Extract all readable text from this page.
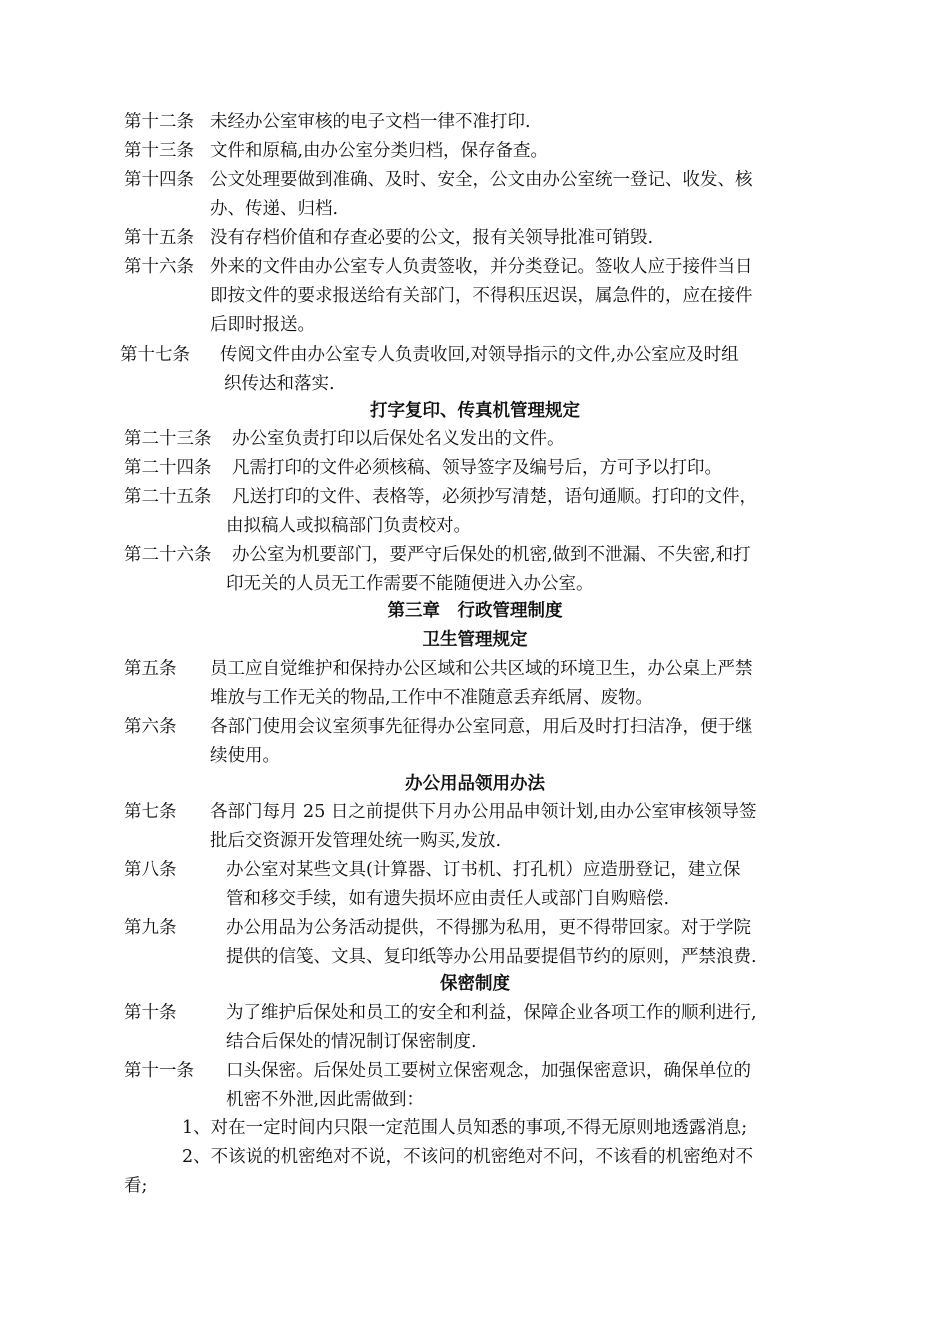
第十二条 未经办公室审核的电子文档一律不准打印.
第十三条 文件和原稿,由办公室分类归档，保存备查。
第十四条 公文处理要做到准确、及时、安全，公文由办公室统一登记、收发、核
办、传递、归档.
第十五条 没有存档价值和存查必要的公文，报有关领导批准可销毁.
第十六条 外来的文件由办公室专人负责签收，并分类登记。签收人应于接件当日
即按文件的要求报送给有关部门，不得积压迟误，属急件的，应在接件
后即时报送。
第十七条 传阅文件由办公室专人负责收回,对领导指示的文件,办公室应及时组
织传达和落实.
打字复印、传真机管理规定
第二十三条 办公室负责打印以后保处名义发出的文件。
第二十四条 凡需打印的文件必须核稿、领导签字及编号后，方可予以打印。
第二十五条 凡送打印的文件、表格等，必须抄写清楚，语句通顺。打印的文件，
由拟稿人或拟稿部门负责校对。
第二十六条 办公室为机要部门，要严守后保处的机密,做到不泄漏、不失密,和打
印无关的人员无工作需要不能随便进入办公室。
第三章　行政管理制度
卫生管理规定
第五条 员工应自觉维护和保持办公区域和公共区域的环境卫生，办公桌上严禁
堆放与工作无关的物品,工作中不准随意丢弃纸屑、废物。
第六条 各部门使用会议室须事先征得办公室同意，用后及时打扫洁净，便于继
续使用。
办公用品领用办法
第七条 各部门每月 25 日之前提供下月办公用品申领计划,由办公室审核领导签
批后交资源开发管理处统一购买,发放.
第八条	办公室对某些文具(计算器、订书机、打孔机）应造册登记，建立保
管和移交手续，如有遗失损坏应由责任人或部门自购赔偿.
第九条	办公用品为公务活动提供，不得挪为私用，更不得带回家。对于学院
提供的信笺、文具、复印纸等办公用品要提倡节约的原则，严禁浪费.
保密制度
第十条	为了维护后保处和员工的安全和利益，保障企业各项工作的顺利进行,
结合后保处的情况制订保密制度.
第十一条 口头保密。后保处员工要树立保密观念，加强保密意识，确保单位的
机密不外泄,因此需做到：
1、对在一定时间内只限一定范围人员知悉的事项,不得无原则地透露消息;
2、不该说的机密绝对不说，不该问的机密绝对不问，不该看的机密绝对不
看;
